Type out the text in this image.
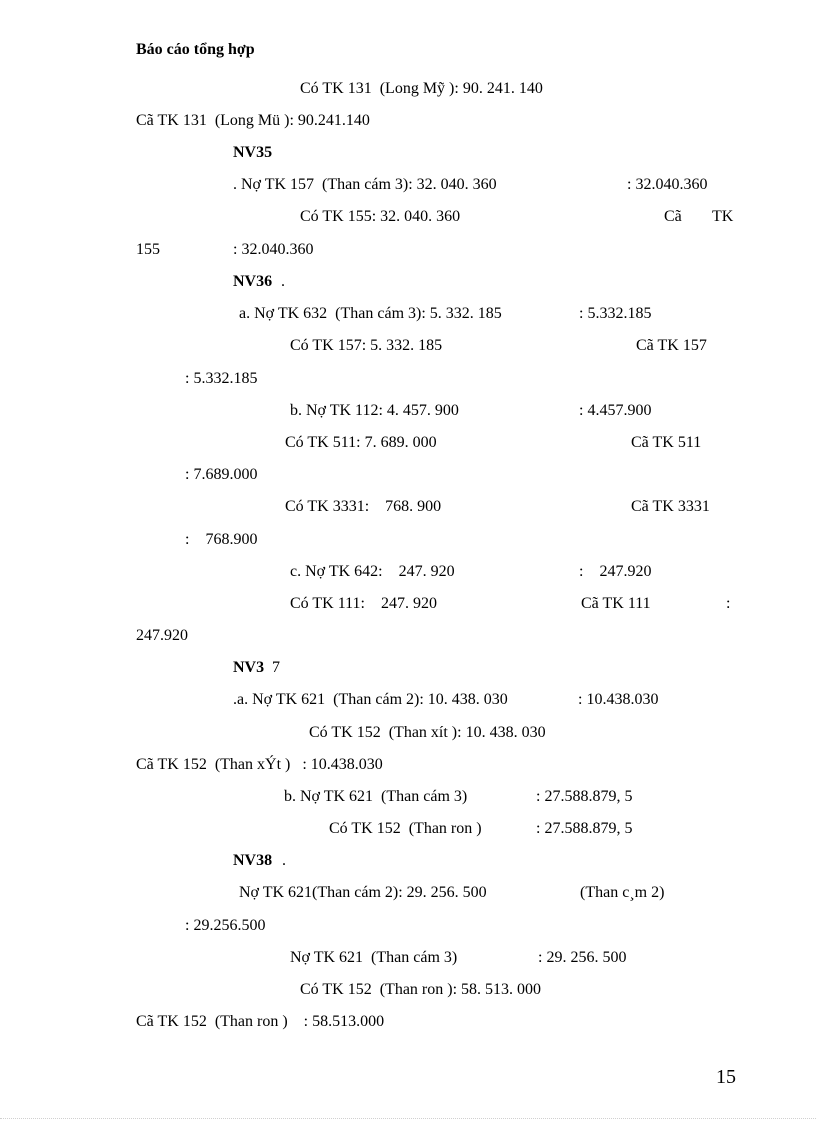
Báo cáo tổng hợp
Có TK 131  (Long Mỹ ): 90. 241. 140
Cã TK 131  (Long Mü ): 90.241.140
NV35
. Nợ TK 157  (Than cám 3): 32. 040. 360	: 32.040.360
Có TK 155: 32. 040. 360	Cã TK
155	: 32.040.360
NV36 .
a. Nợ TK 632  (Than cám 3): 5. 332. 185	: 5.332.185
Có TK 157: 5. 332. 185	Cã TK 157
: 5.332.185
b. Nợ TK 112: 4. 457. 900	: 4.457.900
Có TK 511: 7. 689. 000	Cã TK 511
: 7.689.000
Có TK 3331:    768. 900	Cã TK 3331
:    768.900
c. Nợ TK 642:    247. 920	:    247.920
Có TK 111:    247. 920	Cã TK 111	:
247.920
NV3 7
.a. Nợ TK 621  (Than cám 2): 10. 438. 030	: 10.438.030
Có TK 152  (Than xít ): 10. 438. 030
Cã TK 152  (Than xÝt )   : 10.438.030
b. Nợ TK 621  (Than cám 3)	: 27.588.879, 5
Có TK 152  (Than ron )	: 27.588.879, 5
NV38 .
Nợ TK 621(Than cám 2): 29. 256. 500	(Than c¸m 2)
: 29.256.500
Nợ TK 621  (Than cám 3)	: 29. 256. 500
Có TK 152  (Than ron ): 58. 513. 000
Cã TK 152  (Than ron )    : 58.513.000
15
